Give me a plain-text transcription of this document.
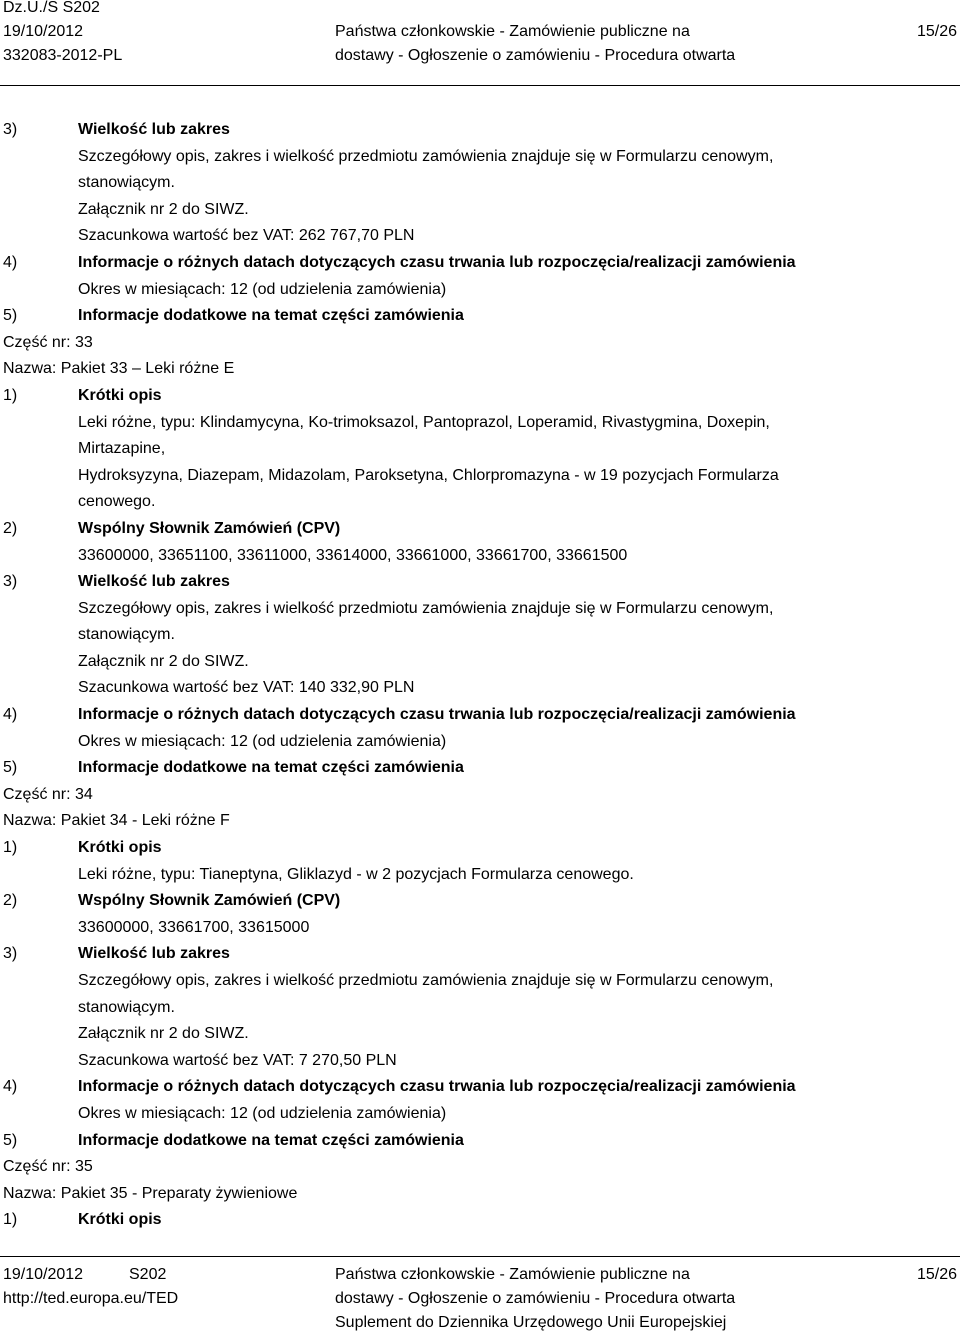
Dz.U./S S202
19/10/2012
332083-2012-PL
Państwa członkowskie - Zamówienie publiczne na
dostawy - Ogłoszenie o zamówieniu - Procedura otwarta
15/26
3)	Wielkość lub zakres

Szczegółowy opis, zakres i wielkość przedmiotu zamówienia znajduje się w Formularzu cenowym,

stanowiącym.

Załącznik nr 2 do SIWZ.

Szacunkowa wartość bez VAT: 262 767,70 PLN

4)	Informacje o różnych datach dotyczących czasu trwania lub rozpoczęcia/realizacji zamówienia

Okres w miesiącach: 12 (od udzielenia zamówienia)

5)	Informacje dodatkowe na temat części zamówienia

Część nr: 33

Nazwa: Pakiet 33 – Leki różne E

1)	Krótki opis

Leki różne, typu: Klindamycyna, Ko-trimoksazol, Pantoprazol, Loperamid, Rivastygmina, Doxepin,

Mirtazapine,

Hydroksyzyna, Diazepam, Midazolam, Paroksetyna, Chlorpromazyna - w 19 pozycjach Formularza

cenowego.

2)	Wspólny Słownik Zamówień (CPV)

33600000, 33651100, 33611000, 33614000, 33661000, 33661700, 33661500

3)	Wielkość lub zakres

Szczegółowy opis, zakres i wielkość przedmiotu zamówienia znajduje się w Formularzu cenowym,

stanowiącym.

Załącznik nr 2 do SIWZ.

Szacunkowa wartość bez VAT: 140 332,90 PLN

4)	Informacje o różnych datach dotyczących czasu trwania lub rozpoczęcia/realizacji zamówienia

Okres w miesiącach: 12 (od udzielenia zamówienia)

5)	Informacje dodatkowe na temat części zamówienia

Część nr: 34

Nazwa: Pakiet 34 - Leki różne F

1)	Krótki opis

Leki różne, typu: Tianeptyna, Gliklazyd - w 2 pozycjach Formularza cenowego.

2)	Wspólny Słownik Zamówień (CPV)

33600000, 33661700, 33615000

3)	Wielkość lub zakres

Szczegółowy opis, zakres i wielkość przedmiotu zamówienia znajduje się w Formularzu cenowym,

stanowiącym.

Załącznik nr 2 do SIWZ.

Szacunkowa wartość bez VAT: 7 270,50 PLN

4)	Informacje o różnych datach dotyczących czasu trwania lub rozpoczęcia/realizacji zamówienia

Okres w miesiącach: 12 (od udzielenia zamówienia)

5)	Informacje dodatkowe na temat części zamówienia

Część nr: 35

Nazwa: Pakiet 35 - Preparaty żywieniowe

1)	Krótki opis

19/10/2012	S202
http://ted.europa.eu/TED
Państwa członkowskie - Zamówienie publiczne na
dostawy - Ogłoszenie o zamówieniu - Procedura otwarta
Suplement do Dziennika Urzędowego Unii Europejskiej
15/26
